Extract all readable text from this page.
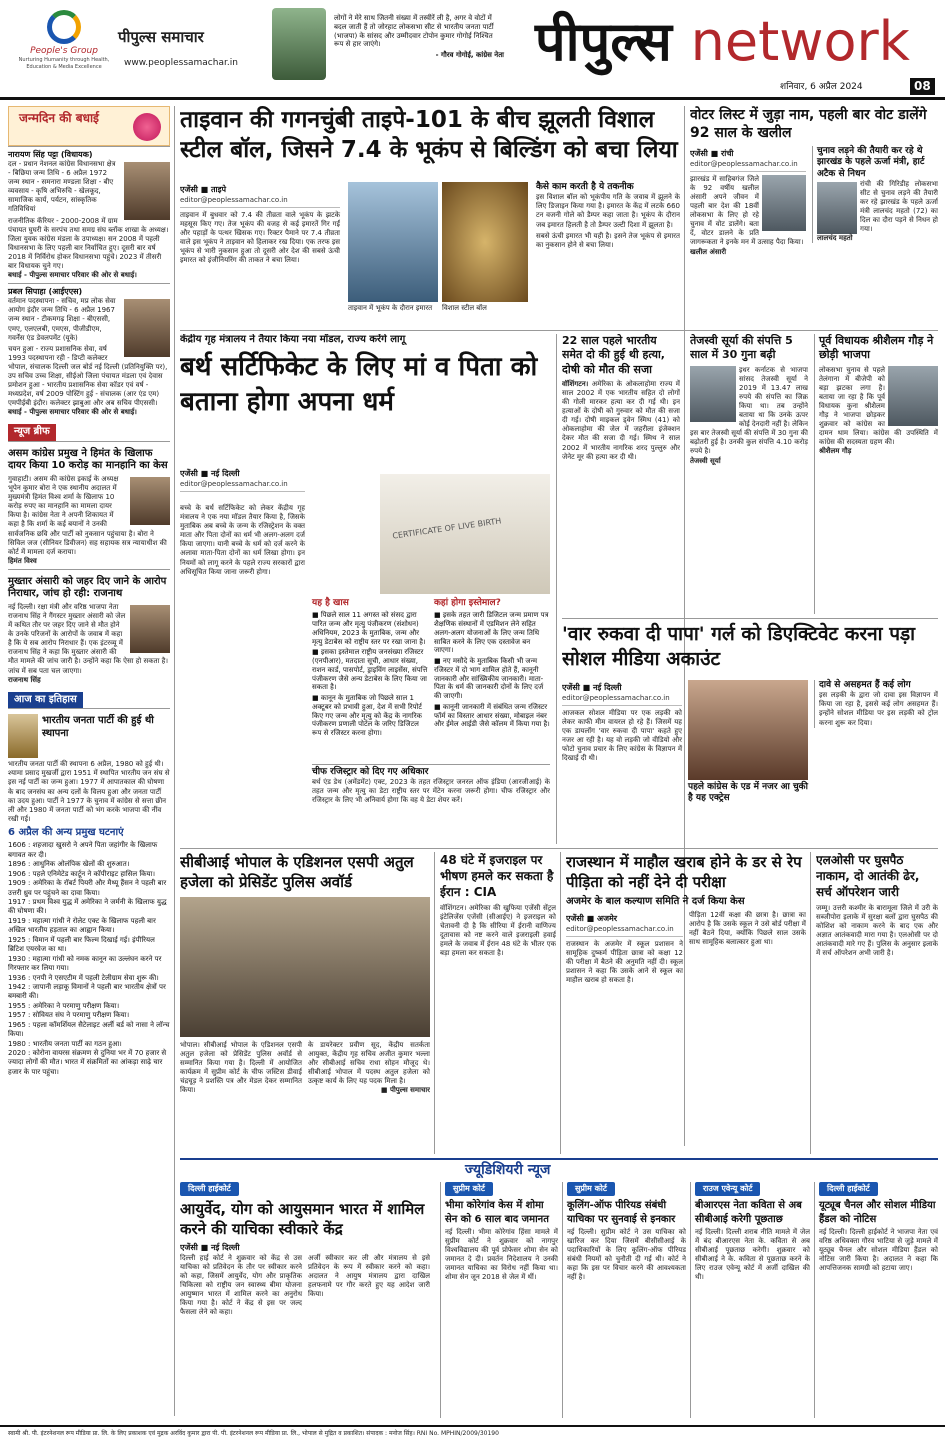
People's Group
Nurturing Humanity through Health, Education & Media Excellence
पीपुल्स समाचार
www.peoplessamachar.in
लोगों ने मेरे साथ जितनी संख्या में तस्वीरें ली है, अगर वे वोटों में बदल जाती हैं तो जोरहाट लोकसभा सीट से भारतीय जनता पार्टी (भाजपा) के सांसद और उम्मीदवार टोपोन कुमार गोगोई निश्चित रूप से हार जाएंगे।
- गौरव गोगोई, कांग्रेस नेता पीपुल्स network
शनिवार, 6 अप्रैल 2024	08
जन्मदिन की बधाई
नारायण सिंह पट्टा (विधायक)
दल - प्रधान नेशनल कांग्रेस विधानसभा क्षेत्र - बिछिया जन्म तिथि - 6 अप्रैल 1972 जन्म स्थान - समनारा मण्डला शिक्षा - बीए व्यवसाय - कृषि अभिरुचि - खेलकूद, सामाजिक कार्य, पर्यटन, सांस्कृतिक गतिविधियां
राजनीतिक कॅरियर - 2000-2008 में ग्राम पंचायत घुघरी के सरपंच तथा समग्र संघ ब्लॉक शाखा के अध्यक्ष। जिला युवक कांग्रेस मंडला के उपाध्यक्ष। सन 2008 में पहली विधानसभा के लिए पहली बार निर्वाचित हुए। दूसरी बार वर्ष 2018 में निर्विरोध होकर विधानसभा पहुंचे। 2023 में तीसरी बार विधायक चुने गए।
बधाई - पीपुल्स समाचार परिवार की ओर से बधाई।
प्रबल सिपाहा (आईएएस)
वर्तमान पदस्थापना - सचिव, मप्र लोक सेवा आयोग इंदौर जन्म तिथि - 6 अप्रैल 1967 जन्म स्थान - टीकमगढ़ शिक्षा - बीएससी, एमए, एलएलबी, एमएस, पीजीडीएम, गवर्नेंस एंड डेवलपमेंट (यूके)
चयन हुआ - राज्य प्रशासनिक सेवा, वर्ष 1993 पदस्थापना रही - डिप्टी कलेक्टर भोपाल, संचालक दिल्ली जल बोर्ड नई दिल्ली (प्रतिनियुक्ति पर), उप सचिव उच्च शिक्षा, सीईओ जिला पंचायत मंडला एवं देवास प्रमोशन हुआ - भारतीय प्रशासनिक सेवा कॉडर एवं वर्ष - मध्यप्रदेश, वर्ष 2009 पोस्टिंग हुई - संचालक (आर एंड एम) एमपीईबी इंदौर। कलेक्टर झाबुआ और अब सचिव पीएससी।
बधाई - पीपुल्स समाचार परिवार की ओर से बधाई।
न्यूज ब्रीफ
असम कांग्रेस प्रमुख ने हिमंत के खिलाफ दायर किया 10 करोड़ का मानहानि का केस
गुवाहाटी। असम की कांग्रेस इकाई के अध्यक्ष भूपेन कुमार बोरा ने एक स्थानीय अदालत में मुख्यमंत्री हिमंत विश्व शर्मा के खिलाफ 10 करोड़ रुपए का मानहानि का मामला दायर किया है। कांग्रेस नेता ने अपनी शिकायत में कहा है कि शर्मा के कई बयानों ने उनकी सार्वजनिक छवि और पार्टी को नुकसान पहुंचाया है। बोरा ने सिविल जज (सीनियर डिवीजन) सह सहायक सत्र न्यायाधीश की कोर्ट में मामला दर्ज कराया।
हिमंत विश्व
मुख्तार अंसारी को जहर दिए जाने के आरोप निराधार, जांच हो रही: राजनाथ
नई दिल्ली। रक्षा मंत्री और वरिष्ठ भाजपा नेता राजनाथ सिंह ने गैंगस्टर मुख्तार अंसारी को जेल में कथित तौर पर जहर दिए जाने से मौत होने के उनके परिजनों के आरोपों के जवाब में कहा है कि ये सब आरोप निराधार हैं। एक इंटरव्यू में राजनाथ सिंह ने कहा कि मुख्तार अंसारी की मौत मामले की जांच जारी है। उन्होंने कहा कि ऐसा हो सकता है। जांच में सब पता चल जाएगा।
राजनाथ सिंह
आज का इतिहास
भारतीय जनता पार्टी की हुई थी स्थापना
भारतीय जनता पार्टी की स्थापना 6 अप्रैल, 1980 को हुई थी। श्यामा प्रसाद मुखर्जी द्वारा 1951 में स्थापित भारतीय जन संघ से इस नई पार्टी का जन्म हुआ। 1977 में आपातकाल की घोषणा के बाद जनसंघ का अन्य दलों के विलय हुआ और जनता पार्टी का उदय हुआ। पार्टी ने 1977 के चुनाव में कांग्रेस से सत्ता छीन ली और 1980 में जनता पार्टी को भंग करके भाजपा की नींव रखी गई।
6 अप्रैल की अन्य प्रमुख घटनाएं
1606 : शहजादा खुसरो ने अपने पिता जहांगीर के खिलाफ बगावत कर दी।
1896 : आधुनिक ओलंपिक खेलों की शुरुआत।
1906 : पहले एनिमेटेड कार्टून ने कॉपीराइट हासिल किया।
1909 : अमेरिका के रॉबर्ट पियरी और मैथ्यू हैंसन ने पहली बार उत्तरी ध्रुव पर पहुंचने का दावा किया।
1917 : प्रथम विश्व युद्ध में अमेरिका ने जर्मनी के खिलाफ युद्ध की घोषणा की।
1919 : महात्मा गांधी ने रोलेट एक्ट के खिलाफ पहली बार अखिल भारतीय हड़ताल का आह्वान किया।
1925 : विमान में पहली बार फिल्म दिखाई गई। इंपीरियल ब्रिटिश एयरवेज का था।
1930 : महात्मा गांधी को नमक कानून का उल्लंघन करने पर गिरफ्तार कर लिया गया।
1936 : एनपी ने एसएटीम में पहली टेलीग्राम सेवा शुरू की।
1942 : जापानी लड़ाकू विमानों ने पहली बार भारतीय क्षेत्रों पर बमबारी की।
1955 : अमेरिका ने परमाणु परीक्षण किया।
1957 : सोवियत संघ ने परमाणु परीक्षण किया।
1965 : पहला कॉमर्शियल सैटेलाइट अर्ली बर्ड को नासा ने लॉन्च किया।
1980 : भारतीय जनता पार्टी का गठन हुआ।
2020 : कोरोना वायरस संक्रमण से दुनिया भर में 70 हजार से ज्यादा लोगों की मौत। भारत में संक्रमितों का आंकड़ा साढ़े चार हजार के पार पहुंचा।
ताइवान की गगनचुंबी ताइपे-101 के बीच झूलती विशाल स्टील बॉल, जिसने 7.4 के भूकंप से बिल्डिंग को बचा लिया
एजेंसी ■ ताइपे
editor@peoplessamachar.co.in
ताइवान में बुधवार को 7.4 की तीव्रता वाले भूकंप के झटके महसूस किए गए। तेज भूकंप की वजह से कई इमारतें गिर गईं और पहाड़ों के पत्थर खिसक गए। रिक्टर पैमाने पर 7.4 तीव्रता वाले इस भूकंप ने ताइवान को हिलाकर रख दिया। एक तरफ इस भूकंप से भारी नुकसान हुआ तो दूसरी ओर देश की सबसे ऊंची इमारत को इंजीनियरिंग की ताकत ने बचा लिया।
ताइवान में भूकंप के दौरान इमारत	विशाल स्टील बॉल
कैसे काम करती है ये तकनीक
इस विशाल बॉल को भूकंपीय गति के जवाब में झूलने के लिए डिजाइन किया गया है। इमारत के केंद्र में लटके 660 टन वजनी गोले को डैम्पर कहा जाता है। भूकंप के दौरान जब इमारत हिलती है तो डैम्पर उल्टी दिशा में झूलता है।
सबसे ऊंची इमारत भी यही है। इसने तेज भूकंप से इमारत का नुकसान होने से बचा लिया।
वोटर लिस्ट में जुड़ा नाम, पहली बार वोट डालेंगे 92 साल के खलील
एजेंसी ■ रांची
editor@peoplessamachar.co.in
झारखंड में साहिबगंज जिले के 92 वर्षीय खलील अंसारी अपने जीवन में पहली बार देश की 18वीं लोकसभा के लिए हो रहे चुनाव में वोट डालेंगे। बता दें, वोटर डालने के प्रति जागरूकता ने इनके मन में उत्साह पैदा किया।
खलील अंसारी
चुनाव लड़ने की तैयारी कर रहे थे झारखंड के पहले ऊर्जा मंत्री, हार्ट अटैक से निधन
रांची की गिरिडीह लोकसभा सीट से चुनाव लड़ने की तैयारी कर रहे झारखंड के पहले ऊर्जा मंत्री लालचंद महतो (72) का दिल का दौरा पड़ने से निधन हो गया।
लालचंद महतो
केंद्रीय गृह मंत्रालय ने तैयार किया नया मॉडल, राज्य करेंगे लागू
बर्थ सर्टिफिकेट के लिए मां व पिता को बताना होगा अपना धर्म
एजेंसी ■ नई दिल्ली
editor@peoplessamachar.co.in
CERTIFICATE OF LIVE BIRTH
बच्चे के बर्थ सर्टिफिकेट को लेकर केंद्रीय गृह मंत्रालय ने एक नया मॉडल तैयार किया है, जिसके मुताबिक अब बच्चे के जन्म के रजिस्ट्रेशन के वक्त माता और पिता दोनों का धर्म भी अलग-अलग दर्ज किया जाएगा। यानी बच्चे के धर्म को दर्ज करने के अलावा माता-पिता दोनों का धर्म लिखा होगा। इन नियमों को लागू करने के पहले राज्य सरकारों द्वारा अधिसूचित किया जाना जरूरी होगा।
यह है खास
■ पिछले साल 11 अगस्त को संसद द्वारा पारित जन्म और मृत्यु पंजीकरण (संशोधन) अधिनियम, 2023 के मुताबिक, जन्म और मृत्यु डेटाबेस को राष्ट्रीय स्तर पर रखा जाना है।
■ इसका इस्तेमाल राष्ट्रीय जनसंख्या रजिस्टर (एनपीआर), मतदाता सूची, आधार संख्या, राशन कार्ड, पासपोर्ट, ड्राइविंग लाइसेंस, संपत्ति पंजीकरण जैसे अन्य डेटाबेस के लिए किया जा सकता है।
■ कानून के मुताबिक जो पिछले साल 1 अक्टूबर को प्रभावी हुआ, देश में सभी रिपोर्ट किए गए जन्म और मृत्यु को केंद्र के नागरिक पंजीकरण प्रणाली पोर्टल के जरिए डिजिटल रूप से रजिस्टर करना होगा।
कहां होगा इस्तेमाल?
■ इसके तहत जारी डिजिटल जन्म प्रमाण पत्र शैक्षणिक संस्थानों में एडमिशन लेने सहित अलग-अलग योजनाओं के लिए जन्म तिथि साबित करने के लिए एक दस्तावेज बन जाएगा।
■ नए मसौदे के मुताबिक किसी भी जन्म रजिस्टर में दो भाग शामिल होते हैं, कानूनी जानकारी और सांख्यिकीय जानकारी। माता-पिता के धर्म की जानकारी दोनों के लिए दर्ज की जाएगी।
■ कानूनी जानकारी में संबंधित जन्म रजिस्टर फॉर्म का विस्तार आधार संख्या, मोबाइल नंबर और ईमेल आईडी जैसे कॉलम में किया गया है।
चीफ रजिस्ट्रार को दिए गए अधिकार
बर्थ एंड डेथ (अमेंडमेंट) एक्ट, 2023 के तहत रजिस्ट्रार जनरल ऑफ इंडिया (आरजीआई) के तहत जन्म और मृत्यु का डेटा राष्ट्रीय स्तर पर मेंटेन करना जरूरी होगा। चीफ रजिस्ट्रार और रजिस्ट्रार के लिए भी अनिवार्य होगा कि वह ये डेटा शेयर करें।
22 साल पहले भारतीय समेत दो की हुई थी हत्या, दोषी को मौत की सजा
वॉशिंगटन। अमेरिका के ओकलाहोमा राज्य में साल 2002 में एक भारतीय सहित दो लोगों की गोली मारकर हत्या कर दी गई थी। इन हत्याओं के दोषी को गुरुवार को मौत की सजा दी गई। दोषी माइकल ड्वेन स्मिथ (41) को ओकलाहोमा की जेल में जहरीला इंजेक्शन देकर मौत की सजा दी गई। स्मिथ ने साल 2002 में भारतीय नागरिक शरद पुल्लुरु और जेनेट मूर की हत्या कर दी थी।
तेजस्वी सूर्या की संपत्ति 5 साल में 30 गुना बढ़ी
इधर कर्नाटक से भाजपा सांसद तेजस्वी सूर्या ने 2019 में 13.47 लाख रुपये की संपत्ति का जिक्र किया था। तब उन्होंने बताया था कि उनके ऊपर कोई देनदारी नहीं है। लेकिन इस बार तेजस्वी सूर्या की संपत्ति में 30 गुना की बढ़ोतरी हुई है। उनकी कुल संपत्ति 4.10 करोड़ रुपये है।
तेजस्वी सूर्या
पूर्व विधायक श्रीशैलम गौड़ ने छोड़ी भाजपा
लोकसभा चुनाव से पहले तेलंगाना में बीजेपी को बड़ा झटका लगा है। बताया जा रहा है कि पूर्व विधायक कुना श्रीशैलम गौड़ ने भाजपा छोड़कर शुक्रवार को कांग्रेस का दामन थाम लिया। कांग्रेस की उपस्थिति में कांग्रेस की सदस्यता ग्रहण की।
श्रीशैलम गौड़
'वार रुकवा दी पापा' गर्ल को डिएक्टिवेट करना पड़ा सोशल मीडिया अकाउंट
एजेंसी ■ नई दिल्ली
editor@peoplessamachar.co.in
आजकल सोशल मीडिया पर एक लड़की को लेकर काफी मीम वायरल हो रहे हैं। जिसमें यह एक डायलॉग 'वार रुकवा दी पापा' कहते हुए नजर आ रही है। यह वो लड़की जो वीडियो और फोटो चुनाव प्रचार के लिए कांग्रेस के विज्ञापन में दिखाई दी थी।
पहले कांग्रेस के एड में नजर आ चुकी है यह एक्ट्रेस
दावे से असहमत हैं कई लोग
इस लड़की के द्वारा जो दावा इस विज्ञापन में किया जा रहा है, इससे कई लोग असहमत हैं। इन्होंने सोशल मीडिया पर इस लड़की को ट्रोल करना शुरू कर दिया।
सीबीआई भोपाल के एडिशनल एसपी अतुल हजेला को प्रेसिडेंट पुलिस अवॉर्ड
भोपाल। सीबीआई भोपाल के एडिशनल एसपी अतुल हजेला को प्रेसिडेंट पुलिस अवॉर्ड से सम्मानित किया गया है। दिल्ली में आयोजित कार्यक्रम में सुप्रीम कोर्ट के चीफ जस्टिस डीवाई चंद्रचूड़ ने प्रशस्ति पत्र और मेडल देकर सम्मानित किया।
के डायरेक्टर प्रवीण सूद, केंद्रीय सतर्कता आयुक्त, केंद्रीय गृह सचिव अजीत कुमार भल्ला और सीबीआई सचिव राधा सोहन मौजूद थे। सीबीआई भोपाल में पदस्थ अतुल हजेला को उत्कृष्ट कार्य के लिए यह पदक मिला है।
■ पीपुल्स समाचार
48 घंटे में इजराइल पर भीषण हमले कर सकता है ईरान : CIA
वॉशिंगटन। अमेरिका की खुफिया एजेंसी सेंट्रल इंटेलिजेंस एजेंसी (सीआईए) ने इजराइल को चेतावनी दी है कि सीरिया में ईरानी वाणिज्य दूतावास को नष्ट करने वाले इजराइली हवाई हमले के जवाब में ईरान 48 घंटे के भीतर एक बड़ा हमला कर सकता है।
राजस्थान में माहौल खराब होने के डर से रेप पीड़िता को नहीं देने दी परीक्षा
अजमेर के बाल कल्याण समिति ने दर्ज किया केस
एजेंसी ■ अजमेर
editor@peoplessamachar.co.in
राजस्थान के अजमेर में स्कूल प्रशासन ने सामूहिक दुष्कर्म पीड़िता छात्रा को कक्षा 12 की परीक्षा में बैठने की अनुमति नहीं दी। स्कूल प्रशासन ने कहा कि उसके आने से स्कूल का माहौल खराब हो सकता है।
पीड़िता 12वीं कक्षा की छात्रा है। छात्रा का आरोप है कि उसके स्कूल ने उसे बोर्ड परीक्षा में नहीं बैठने दिया, क्योंकि पिछले साल उसके साथ सामूहिक बलात्कार हुआ था।
एलओसी पर घुसपैठ नाकाम, दो आतंकी ढेर, सर्च ऑपरेशन जारी
जम्मू। उत्तरी कश्मीर के बारामूला जिले में उरी के सब्जीपोरा इलाके में सुरक्षा बलों द्वारा घुसपैठ की कोशिश को नाकाम करने के बाद एक और अज्ञात आतंकवादी मारा गया है। एलओसी पर दो आतंकवादी मारे गए हैं। पुलिस के अनुसार इलाके में सर्च ऑपरेशन अभी जारी है।
ज्यूडिशियरी न्यूज
दिल्ली हाईकोर्ट
आयुर्वेद, योग को आयुसमान भारत में शामिल करने की याचिका स्वीकारे केंद्र
एजेंसी ■ नई दिल्ली
दिल्ली हाई कोर्ट ने शुक्रवार को केंद्र से उस याचिका को प्रतिवेदन के तौर पर स्वीकार करने को कहा, जिसमें आयुर्वेद, योग और प्राकृतिक चिकित्सा को राष्ट्रीय जन स्वास्थ्य बीमा योजना आयुष्मान भारत में शामिल करने का अनुरोध किया गया है। कोर्ट ने केंद्र से इस पर जल्द फैसला लेने को कहा।
अर्जी स्वीकार कर ली और मंत्रालय से इसे प्रतिवेदन के रूप में स्वीकार करने को कहा। अदालत ने आयुष मंत्रालय द्वारा दाखिल हलफनामे पर गौर करते हुए यह आदेश जारी किया।
सुप्रीम कोर्ट
भीमा कोरेगांव केस में शोमा सेन को 6 साल बाद जमानत
नई दिल्ली। भीमा कोरेगांव हिंसा मामले में सुप्रीम कोर्ट ने शुक्रवार को नागपुर विश्वविद्यालय की पूर्व प्रोफेसर शोमा सेन को जमानत दे दी। प्रवर्तन निदेशालय ने उनकी जमानत याचिका का विरोध नहीं किया था। शोमा सेन जून 2018 से जेल में थीं।
सुप्रीम कोर्ट
कूलिंग-ऑफ पीरियड संबंधी याचिका पर सुनवाई से इनकार
नई दिल्ली। सुप्रीम कोर्ट ने उस याचिका को खारिज कर दिया जिसमें बीसीसीआई के पदाधिकारियों के लिए कूलिंग-ऑफ पीरियड संबंधी नियमों को चुनौती दी गई थी। कोर्ट ने कहा कि इस पर विचार करने की आवश्यकता नहीं है।
राउज एवेन्यू कोर्ट
बीआरएस नेता कविता से अब सीबीआई करेगी पूछताछ
नई दिल्ली। दिल्ली शराब नीति मामले में जेल में बंद बीआरएस नेता के. कविता से अब सीबीआई पूछताछ करेगी। शुक्रवार को सीबीआई ने के. कविता से पूछताछ करने के लिए राउज एवेन्यू कोर्ट में अर्जी दाखिल की थी।
दिल्ली हाईकोर्ट
यूट्यूब चैनल और सोशल मीडिया हैंडल को नोटिस
नई दिल्ली। दिल्ली हाईकोर्ट ने भाजपा नेता एवं वरिष्ठ अधिवक्ता गौरव भाटिया से जुड़े मामले में यूट्यूब चैनल और सोशल मीडिया हैंडल को नोटिस जारी किया है। अदालत ने कहा कि आपत्तिजनक सामग्री को हटाया जाए।
स्वामी श्री. पी. इंटरनेशनल रूप मीडिया प्रा. लि. के लिए प्रकाशक एवं मुद्रक अरविंद कुमार द्वारा पी. पी. इंटरनेशनल रूप मीडिया प्रा. लि., भोपाल से मुद्रित व प्रकाशित। संपादक : मनोज सिंह। RNI No. MPHIN/2009/30190
